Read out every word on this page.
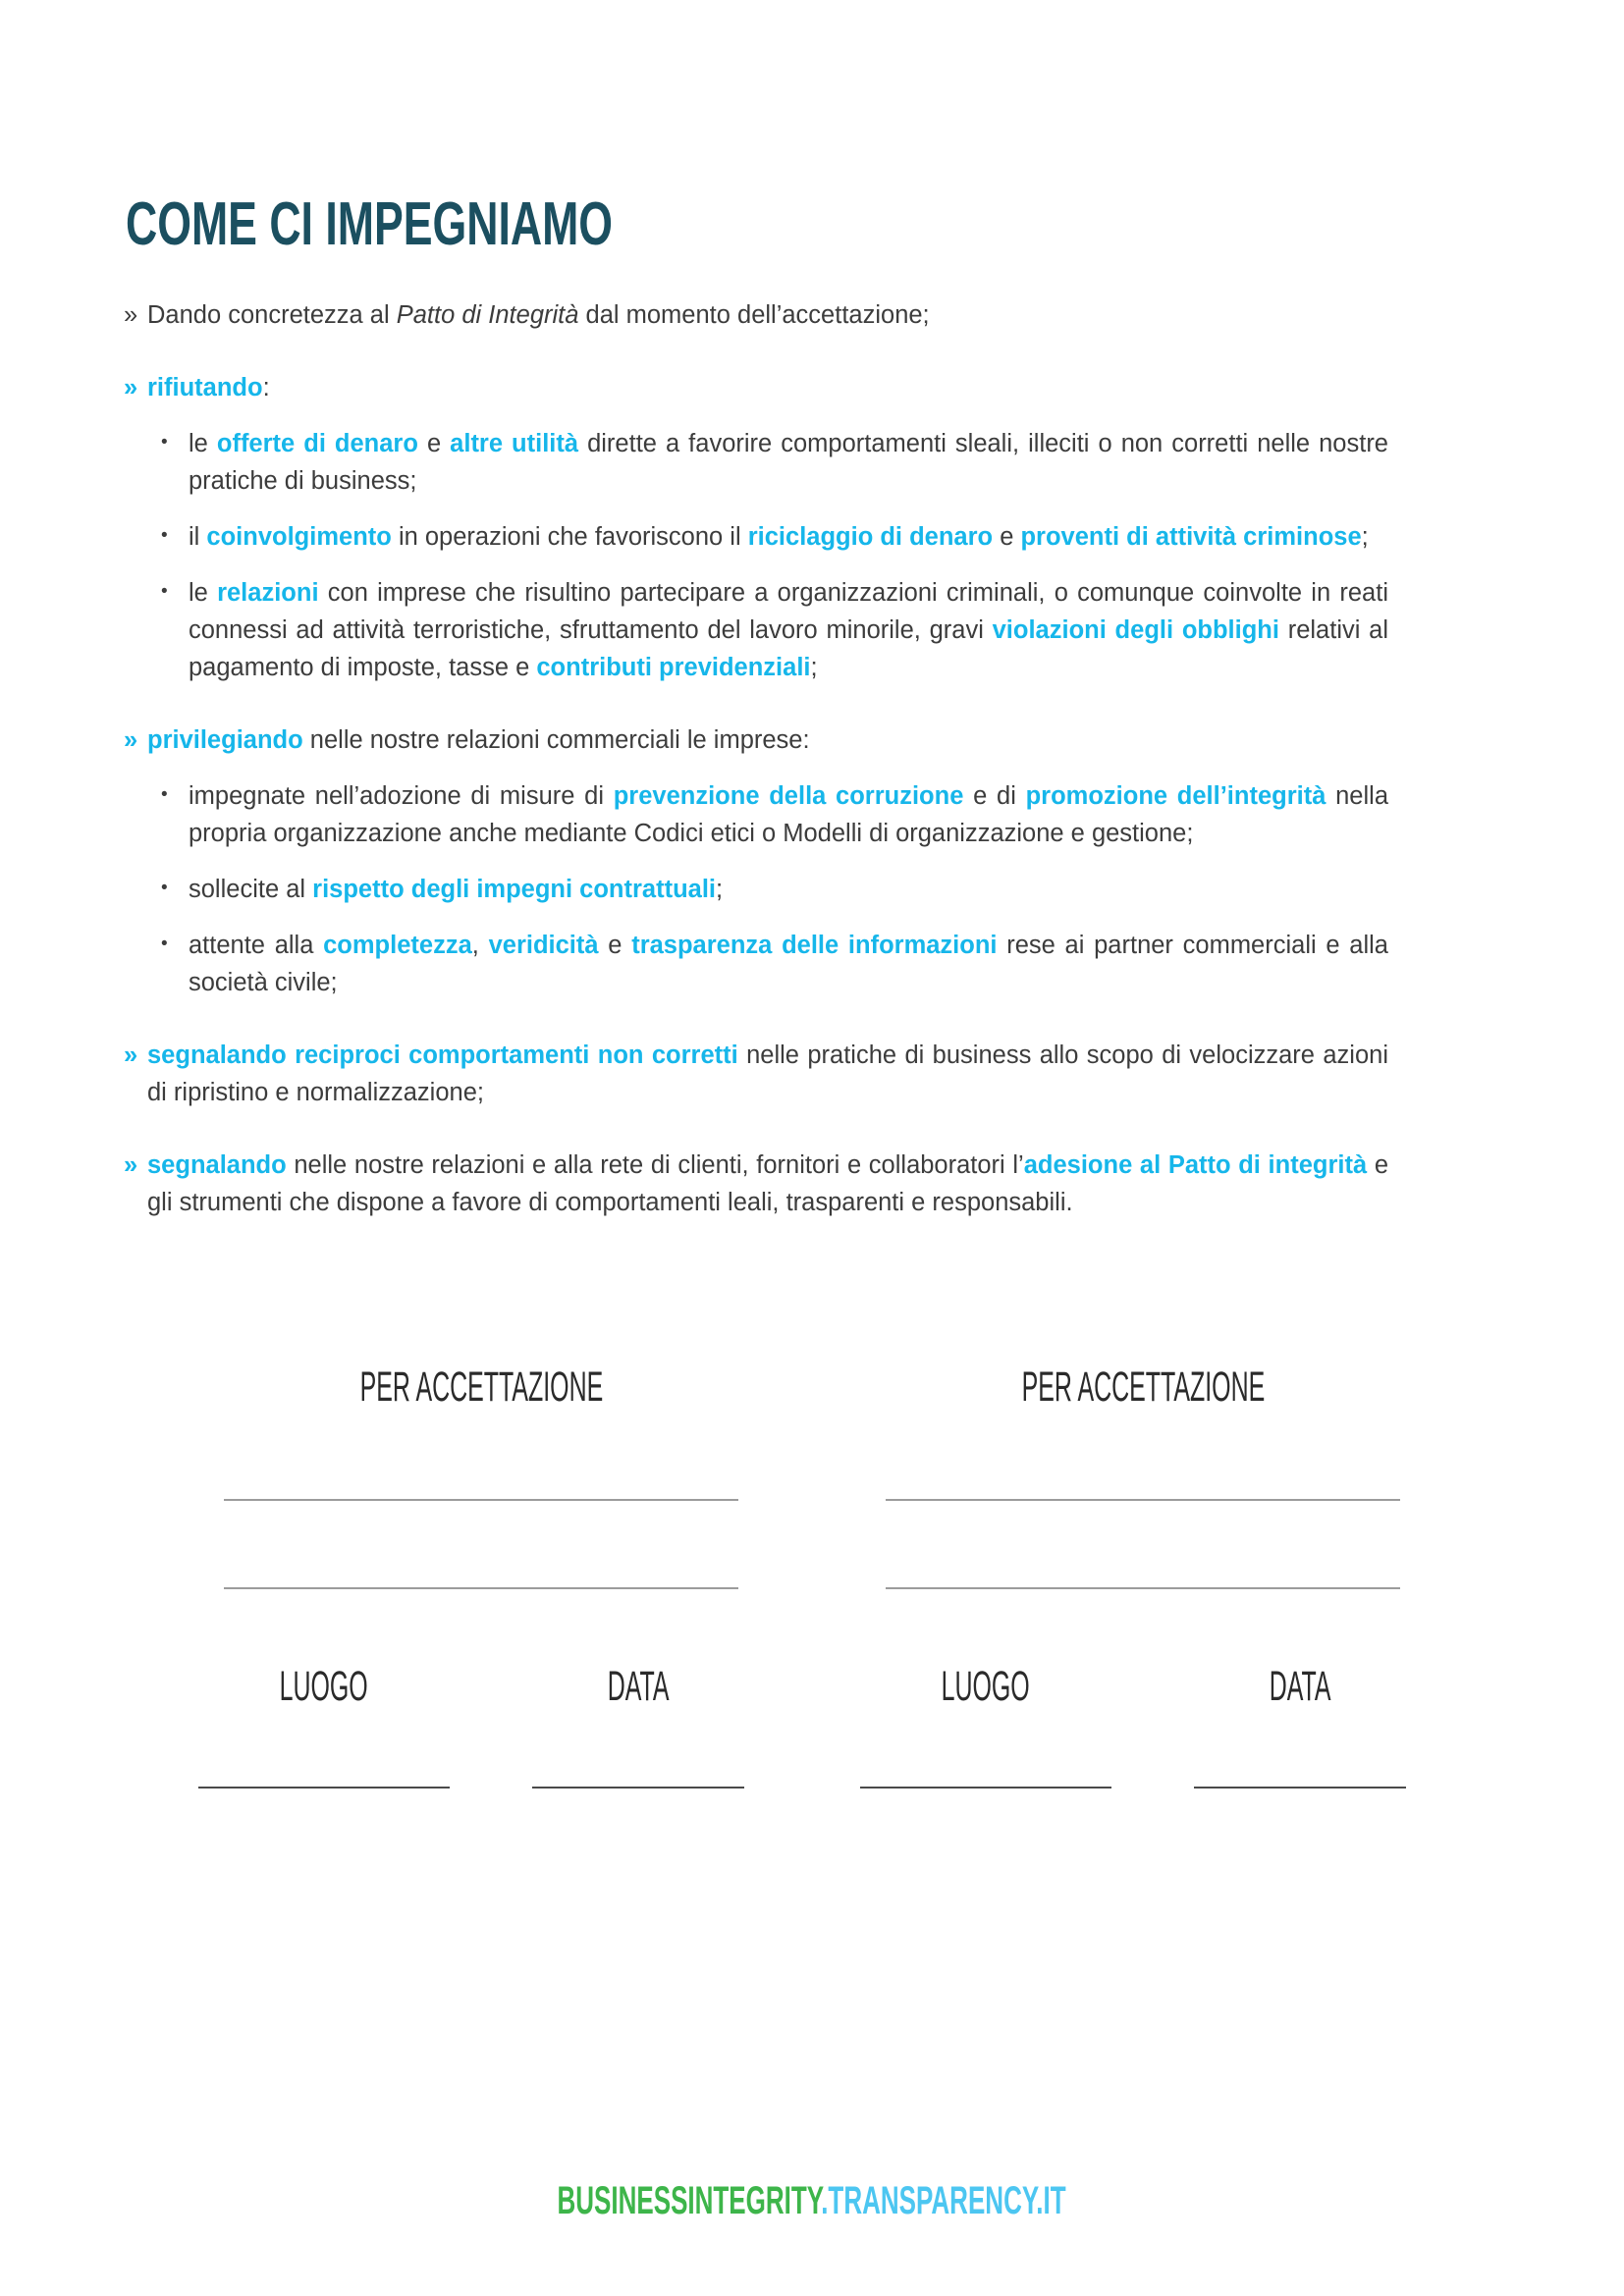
COME CI IMPEGNIAMO
» Dando concretezza al Patto di Integrità dal momento dell’accettazione;
» rifiutando:
• le offerte di denaro e altre utilità dirette a favorire comportamenti sleali, illeciti o non corretti nelle nostre pratiche di business;
• il coinvolgimento in operazioni che favoriscono il riciclaggio di denaro e proventi di attività criminose;
• le relazioni con imprese che risultino partecipare a organizzazioni criminali, o comunque coinvolte in reati connessi ad attività terroristiche, sfruttamento del lavoro minorile, gravi violazioni degli obblighi relativi al pagamento di imposte, tasse e contributi previdenziali;
» privilegiando nelle nostre relazioni commerciali le imprese:
• impegnate nell’adozione di misure di prevenzione della corruzione e di promozione dell’integrità nella propria organizzazione anche mediante Codici etici o Modelli di organizzazione e gestione;
• sollecite al rispetto degli impegni contrattuali;
• attente alla completezza, veridicità e trasparenza delle informazioni rese ai partner commerciali e alla società civile;
» segnalando reciproci comportamenti non corretti nelle pratiche di business allo scopo di velocizzare azioni di ripristino e normalizzazione;
» segnalando nelle nostre relazioni e alla rete di clienti, fornitori e collaboratori l’adesione al Patto di integrità e gli strumenti che dispone a favore di comportamenti leali, trasparenti e responsabili.
PER ACCETTAZIONE
LUOGO	DATA
PER ACCETTAZIONE
LUOGO	DATA
BUSINESSINTEGRITY.TRANSPARENCY.IT
